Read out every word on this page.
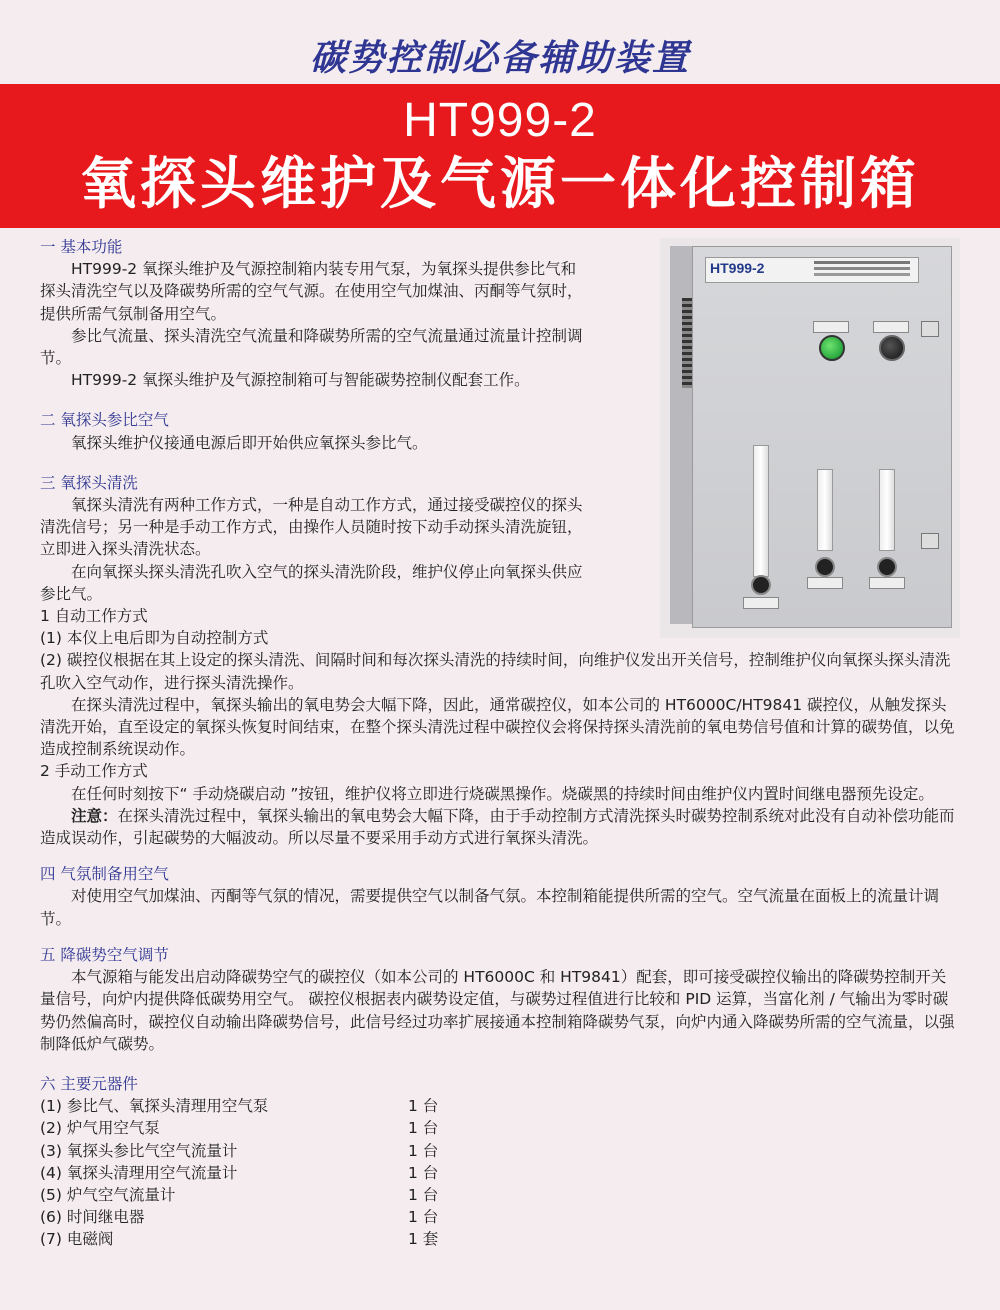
碳势控制必备辅助装置
HT999-2
氧探头维护及气源一体化控制箱
HT999-2

一 基本功能

HT999-2 氧探头维护及气源控制箱内装专用气泵，为氧探头提供参比气和探头清洗空气以及降碳势所需的空气气源。在使用空气加煤油、丙酮等气氛时，提供所需气氛制备用空气。

参比气流量、探头清洗空气流量和降碳势所需的空气流量通过流量计控制调节。

HT999-2 氧探头维护及气源控制箱可与智能碳势控制仪配套工作。

二 氧探头参比空气

氧探头维护仪接通电源后即开始供应氧探头参比气。

三 氧探头清洗

氧探头清洗有两种工作方式，一种是自动工作方式，通过接受碳控仪的探头清洗信号；另一种是手动工作方式，由操作人员随时按下动手动探头清洗旋钮，立即进入探头清洗状态。

在向氧探头探头清洗孔吹入空气的探头清洗阶段，维护仪停止向氧探头供应参比气。

1 自动工作方式

(1) 本仪上电后即为自动控制方式

(2) 碳控仪根据在其上设定的探头清洗、间隔时间和每次探头清洗的持续时间，向维护仪发出开关信号，控制维护仪向氧探头探头清洗孔吹入空气动作，进行探头清洗操作。

在探头清洗过程中，氧探头输出的氧电势会大幅下降，因此，通常碳控仪，如本公司的 HT6000C/HT9841 碳控仪，从触发探头清洗开始，直至设定的氧探头恢复时间结束，在整个探头清洗过程中碳控仪会将保持探头清洗前的氧电势信号值和计算的碳势值，以免造成控制系统误动作。

2 手动工作方式

在任何时刻按下“ 手动烧碳启动 ”按钮，维护仪将立即进行烧碳黑操作。烧碳黑的持续时间由维护仪内置时间继电器预先设定。

注意：在探头清洗过程中，氧探头输出的氧电势会大幅下降，由于手动控制方式清洗探头时碳势控制系统对此没有自动补偿功能而造成误动作，引起碳势的大幅波动。所以尽量不要采用手动方式进行氧探头清洗。

四 气氛制备用空气

对使用空气加煤油、丙酮等气氛的情况，需要提供空气以制备气氛。本控制箱能提供所需的空气。空气流量在面板上的流量计调节。

五 降碳势空气调节

本气源箱与能发出启动降碳势空气的碳控仪（如本公司的 HT6000C 和 HT9841）配套，即可接受碳控仪输出的降碳势控制开关量信号，向炉内提供降低碳势用空气。 碳控仪根据表内碳势设定值，与碳势过程值进行比较和 PID 运算，当富化剂 / 气输出为零时碳势仍然偏高时，碳控仪自动输出降碳势信号，此信号经过功率扩展接通本控制箱降碳势气泵，向炉内通入降碳势所需的空气流量，以强制降低炉气碳势。

六 主要元器件

(1) 参比气、氧探头清理用空气泵	1 台
(2) 炉气用空气泵	1 台
(3) 氧探头参比气空气流量计	1 台
(4) 氧探头清理用空气流量计	1 台
(5) 炉气空气流量计	1 台
(6) 时间继电器	1 台
(7) 电磁阀	1 套
